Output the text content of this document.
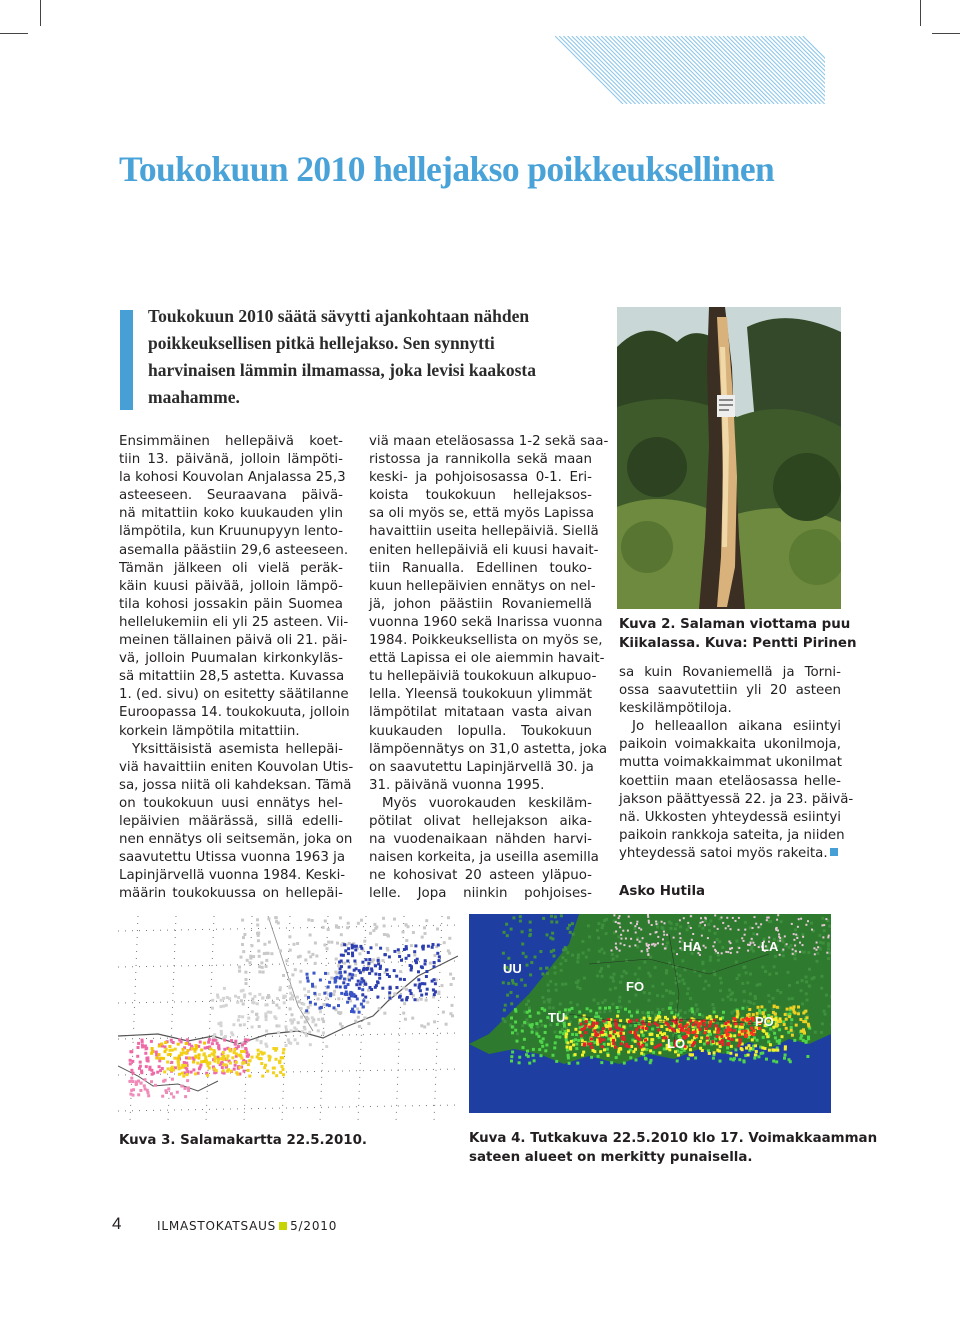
Toukokuun 2010 hellejakso poikkeuksellinen

Toukokuun 2010 säätä sävytti ajankohtaan nähden
poikkeuksellisen pitkä hellejakso. Sen synnytti
harvinaisen lämmin ilmamassa, joka levisi kaakosta
maahamme.

Ensimmäinen hellepäivä koet-
tiin 13. päivänä, jolloin lämpöti-
la kohosi Kouvolan Anjalassa 25,3
asteeseen. Seuraavana päivä-
nä mitattiin koko kuukauden ylin
lämpötila, kun Kruunupyyn lento-
asemalla päästiin 29,6 asteeseen.
Tämän jälkeen oli vielä peräk-
käin kuusi päivää, jolloin lämpö-
tila kohosi jossakin päin Suomea
hellelukemiin eli yli 25 asteen. Vii-
meinen tällainen päivä oli 21. päi-
vä, jolloin Puumalan kirkonkyläs-
sä mitattiin 28,5 astetta. Kuvassa
1. (ed. sivu) on esitetty säätilanne
Euroopassa 14. toukokuuta, jolloin
korkein lämpötila mitattiin.
Yksittäisistä asemista hellepäi-
viä havaittiin eniten Kouvolan Utis-
sa, jossa niitä oli kahdeksan. Tämä
on toukokuun uusi ennätys hel-
lepäivien määrässä, sillä edelli-
nen ennätys oli seitsemän, joka on
saavutettu Utissa vuonna 1963 ja
Lapinjärvellä vuonna 1984. Keski-
määrin toukokuussa on hellepäi-
viä maan eteläosassa 1-2 sekä saa-
ristossa ja rannikolla sekä maan
keski- ja pohjoisosassa 0-1. Eri-
koista toukokuun hellejaksos-
sa oli myös se, että myös Lapissa
havaittiin useita hellepäiviä. Siellä
eniten hellepäiviä eli kuusi havait-
tiin Ranualla. Edellinen touko-
kuun hellepäivien ennätys on nel-
jä, johon päästiin Rovaniemellä
vuonna 1960 sekä Inarissa vuonna
1984. Poikkeuksellista on myös se,
että Lapissa ei ole aiemmin havait-
tu hellepäiviä toukokuun alkupuo-
lella. Yleensä toukokuun ylimmät
lämpötilat mitataan vasta aivan
kuukauden lopulla. Toukokuun
lämpöennätys on 31,0 astetta, joka
on saavutettu Lapinjärvellä 30. ja
31. päivänä vuonna 1995.
Myös vuorokauden keskiläm-
pötilat olivat hellejakson aika-
na vuodenaikaan nähden harvi-
naisen korkeita, ja useilla asemilla
ne kohosivat 20 asteen yläpuo-
lelle. Jopa niinkin pohjoises-

Kuva 2. Salaman viottama puu
Kiikalassa. Kuva: Pentti Pirinen

sa kuin Rovaniemellä ja Torni-
ossa saavutettiin yli 20 asteen
keskilämpötiloja.
Jo helleaallon aikana esiintyi
paikoin voimakkaita ukonilmoja,
mutta voimakkaimmat ukonilmat
koettiin maan eteläosassa helle-
jakson päättyessä 22. ja 23. päivä-
nä. Ukkosten yhteydessä esiintyi
paikoin rankkoja sateita, ja niiden
yhteydessä satoi myös rakeita.

Asko Hutila

HA	LA
UU
FO
TU	PO
LO

Kuva 3. Salamakartta 22.5.2010.	Kuva 4. Tutkakuva 22.5.2010 klo 17. Voimakkaamman
sateen alueet on merkitty punaisella.

4	ILMASTOKATSAUS 5/2010
